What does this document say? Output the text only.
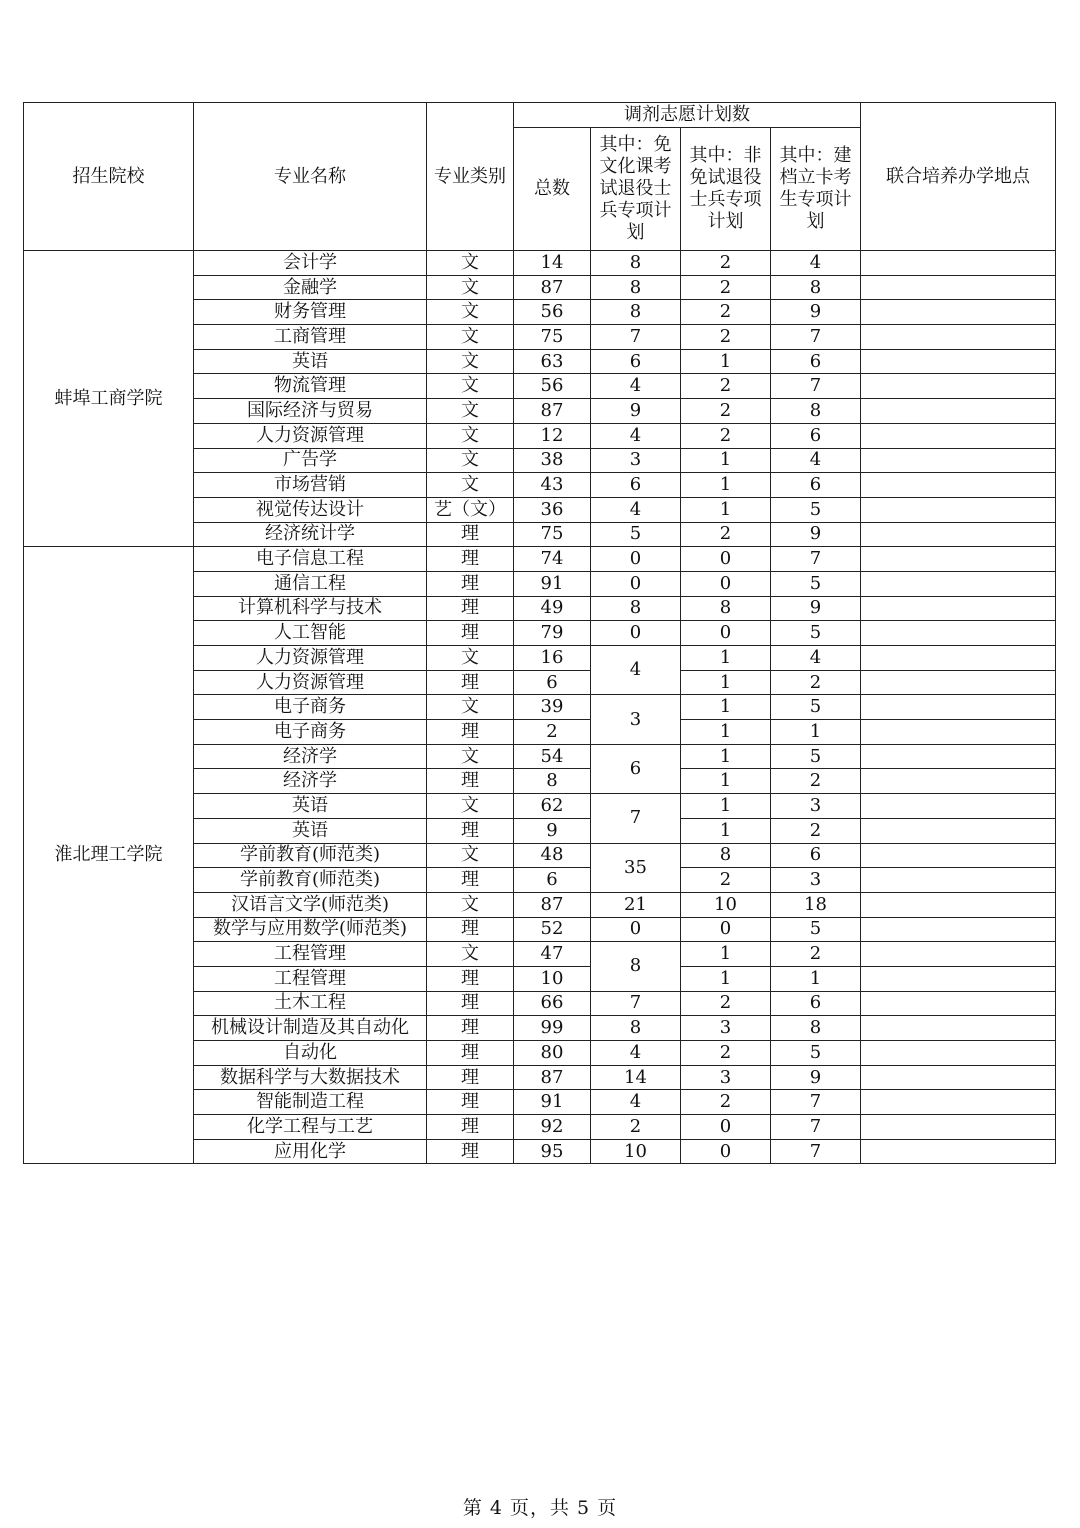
招生院校	专业名称	专业类别	调剂志愿计划数				联合培养办学地点
			总数	其中：免文化课考试退役士兵专项计划	其中：非免试退役士兵专项计划	其中：建档立卡考生专项计划	
蚌埠工商学院	会计学	文	14	8	2	4	
	金融学	文	87	8	2	8	
	财务管理	文	56	8	2	9	
	工商管理	文	75	7	2	7	
	英语	文	63	6	1	6	
	物流管理	文	56	4	2	7	
	国际经济与贸易	文	87	9	2	8	
	人力资源管理	文	12	4	2	6	
	广告学	文	38	3	1	4	
	市场营销	文	43	6	1	6	
	视觉传达设计	艺（文）	36	4	1	5	
	经济统计学	理	75	5	2	9	
淮北理工学院	电子信息工程	理	74	0	0	7	
	通信工程	理	91	0	0	5	
	计算机科学与技术	理	49	8	8	9	
	人工智能	理	79	0	0	5	
	人力资源管理	文	16	4	1	4	
	人力资源管理	理	6		1	2	
	电子商务	文	39	3	1	5	
	电子商务	理	2		1	1	
	经济学	文	54	6	1	5	
	经济学	理	8		1	2	
	英语	文	62	7	1	3	
	英语	理	9		1	2	
	学前教育(师范类)	文	48	35	8	6	
	学前教育(师范类)	理	6		2	3	
	汉语言文学(师范类)	文	87	21	10	18	
	数学与应用数学(师范类)	理	52	0	0	5	
	工程管理	文	47	8	1	2	
	工程管理	理	10		1	1	
	土木工程	理	66	7	2	6	
	机械设计制造及其自动化	理	99	8	3	8	
	自动化	理	80	4	2	5	
	数据科学与大数据技术	理	87	14	3	9	
	智能制造工程	理	91	4	2	7	
	化学工程与工艺	理	92	2	0	7	
	应用化学	理	95	10	0	7	
第 4 页，共 5 页
